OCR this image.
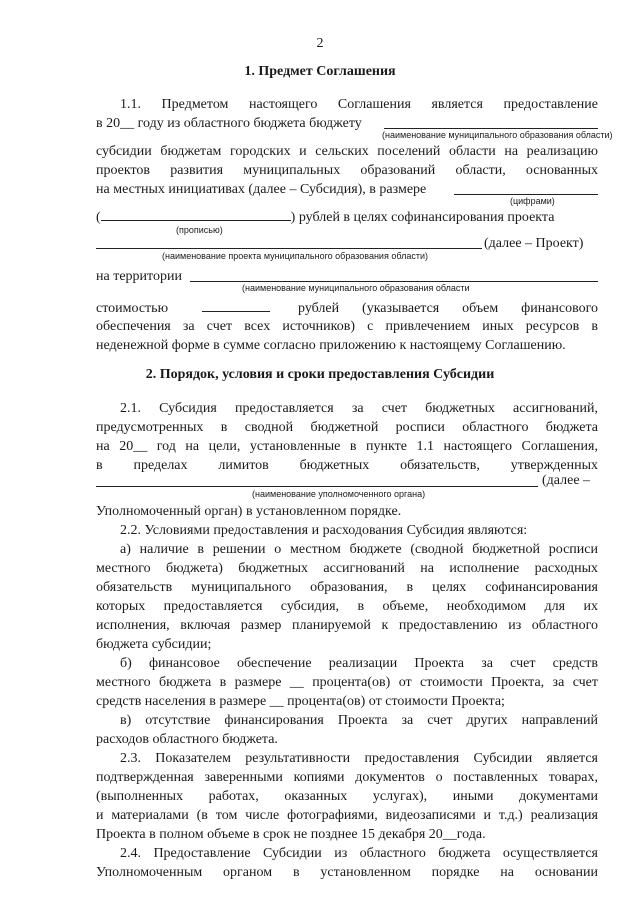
2
1. Предмет Соглашения
1.1. Предметом настоящего Соглашения является предоставление
в 20__ году из областного бюджета бюджету
(наименование муниципального образования области)
субсидии бюджетам городских и сельских поселений области на реализацию
проектов развития муниципальных образований области, основанных
на местных инициативах (далее – Субсидия), в размере
(цифрами)
(	) рублей в целях софинансирования проекта
(прописью)
(далее – Проект)
(наименование проекта муниципального образования области)
на территории
(наименование муниципального образования области
стоимостью	рублей (указывается объем финансового
обеспечения за счет всех источников) с привлечением иных ресурсов в
неденежной форме в сумме согласно приложению к настоящему Соглашению.
2. Порядок, условия и сроки предоставления Субсидии
2.1. Субсидия предоставляется за счет бюджетных ассигнований,
предусмотренных в сводной бюджетной росписи областного бюджета
на 20__ год на цели, установленные в пункте 1.1 настоящего Соглашения,
в пределах лимитов бюджетных обязательств, утвержденных
(далее –
(наименование уполномоченного органа)
Уполномоченный орган) в установленном порядке.
2.2. Условиями предоставления и расходования Субсидия являются:
а) наличие в решении о местном бюджете (сводной бюджетной росписи
местного бюджета) бюджетных ассигнований на исполнение расходных
обязательств муниципального образования, в целях софинансирования
которых предоставляется субсидия, в объеме, необходимом для их
исполнения, включая размер планируемой к предоставлению из областного
бюджета субсидии;
б) финансовое обеспечение реализации Проекта за счет средств
местного бюджета в размере __ процента(ов) от стоимости Проекта, за счет
средств населения в размере __ процента(ов) от стоимости Проекта;
в) отсутствие финансирования Проекта за счет других направлений
расходов областного бюджета.
2.3. Показателем результативности предоставления Субсидии является
подтвержденная заверенными копиями документов о поставленных товарах,
(выполненных работах, оказанных услугах), иными документами
и материалами (в том числе фотографиями, видеозаписями и т.д.) реализация
Проекта в полном объеме в срок не позднее 15 декабря 20__года.
2.4. Предоставление Субсидии из областного бюджета осуществляется
Уполномоченным органом в установленном порядке на основании
